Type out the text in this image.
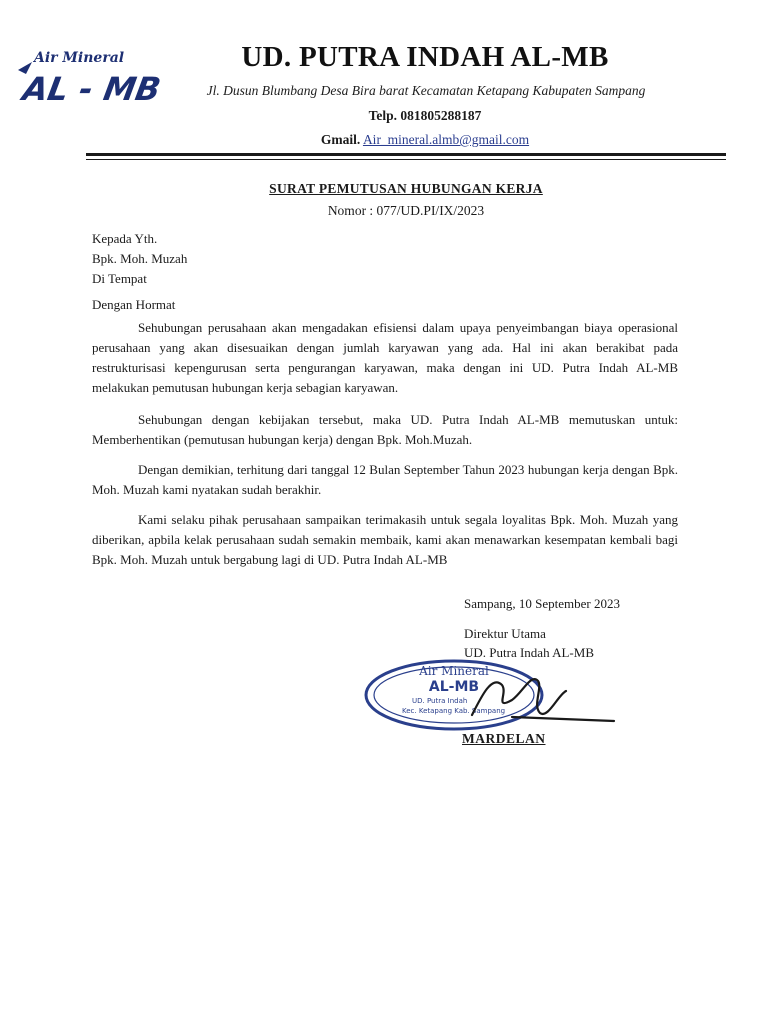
Air Mineral
AL - MB
UD. PUTRA INDAH AL-MB
Jl. Dusun Blumbang Desa Bira barat Kecamatan Ketapang Kabupaten Sampang
Telp. 081805288187
Gmail. Air_mineral.almb@gmail.com
SURAT PEMUTUSAN HUBUNGAN KERJA
Nomor : 077/UD.PI/IX/2023
Kepada Yth.
Bpk. Moh. Muzah
Di Tempat
Dengan Hormat
Sehubungan perusahaan akan mengadakan efisiensi dalam upaya penyeimbangan biaya operasional perusahaan yang akan disesuaikan dengan jumlah karyawan yang ada. Hal ini akan berakibat pada restrukturisasi kepengurusan serta pengurangan karyawan, maka dengan ini UD. Putra Indah AL-MB melakukan pemutusan hubungan kerja sebagian karyawan.
Sehubungan dengan kebijakan tersebut, maka UD. Putra Indah AL-MB memutuskan untuk: Memberhentikan (pemutusan hubungan kerja) dengan Bpk. Moh.Muzah.
Dengan demikian, terhitung dari tanggal 12 Bulan September Tahun 2023 hubungan kerja dengan Bpk. Moh. Muzah kami nyatakan sudah berakhir.
Kami selaku pihak perusahaan sampaikan terimakasih untuk segala loyalitas Bpk. Moh. Muzah yang diberikan, apbila kelak perusahaan sudah semakin membaik, kami akan menawarkan kesempatan kembali bagi Bpk. Moh. Muzah untuk bergabung lagi di UD. Putra Indah AL-MB
Sampang, 10 September 2023
Direktur Utama
UD. Putra Indah AL-MB
Air Mineral
AL-MB
UD. Putra Indah
Kec. Ketapang Kab. Sampang
MARDELAN
